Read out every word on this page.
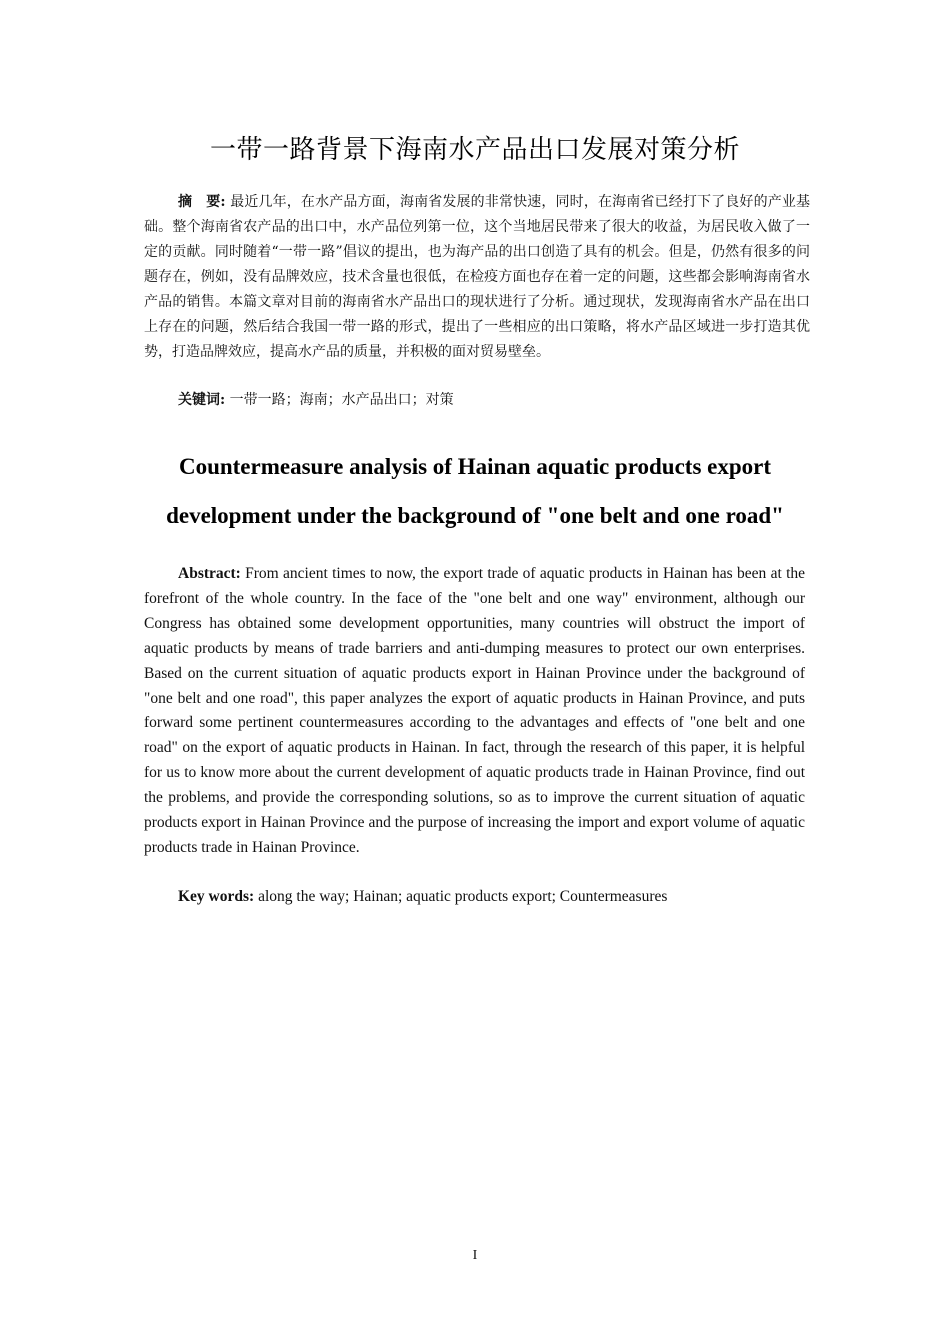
一带一路背景下海南水产品出口发展对策分析

摘　要: 最近几年，在水产品方面，海南省发展的非常快速，同时，在海南省已经打下了良好的产业基础。整个海南省农产品的出口中，水产品位列第一位，这个当地居民带来了很大的收益，为居民收入做了一定的贡献。同时随着“一带一路”倡议的提出，也为海产品的出口创造了具有的机会。但是，仍然有很多的问题存在，例如，没有品牌效应，技术含量也很低，在检疫方面也存在着一定的问题，这些都会影响海南省水产品的销售。本篇文章对目前的海南省水产品出口的现状进行了分析。通过现状，发现海南省水产品在出口上存在的问题，然后结合我国一带一路的形式，提出了一些相应的出口策略，将水产品区域进一步打造其优势，打造品牌效应，提高水产品的质量，并积极的面对贸易壁垒。

关键词: 一带一路；海南；水产品出口；对策

Countermeasure analysis of Hainan aquatic products export development under the background of "one belt and one road"

Abstract: From ancient times to now, the export trade of aquatic products in Hainan has been at the forefront of the whole country. In the face of the "one belt and one way" environment, although our Congress has obtained some development opportunities, many countries will obstruct the import of aquatic products by means of trade barriers and anti-dumping measures to protect our own enterprises. Based on the current situation of aquatic products export in Hainan Province under the background of "one belt and one road", this paper analyzes the export of aquatic products in Hainan Province, and puts forward some pertinent countermeasures according to the advantages and effects of "one belt and one road" on the export of aquatic products in Hainan. In fact, through the research of this paper, it is helpful for us to know more about the current development of aquatic products trade in Hainan Province, find out the problems, and provide the corresponding solutions, so as to improve the current situation of aquatic products export in Hainan Province and the purpose of increasing the import and export volume of aquatic products trade in Hainan Province.

Key words: along the way; Hainan; aquatic products export; Countermeasures

I
